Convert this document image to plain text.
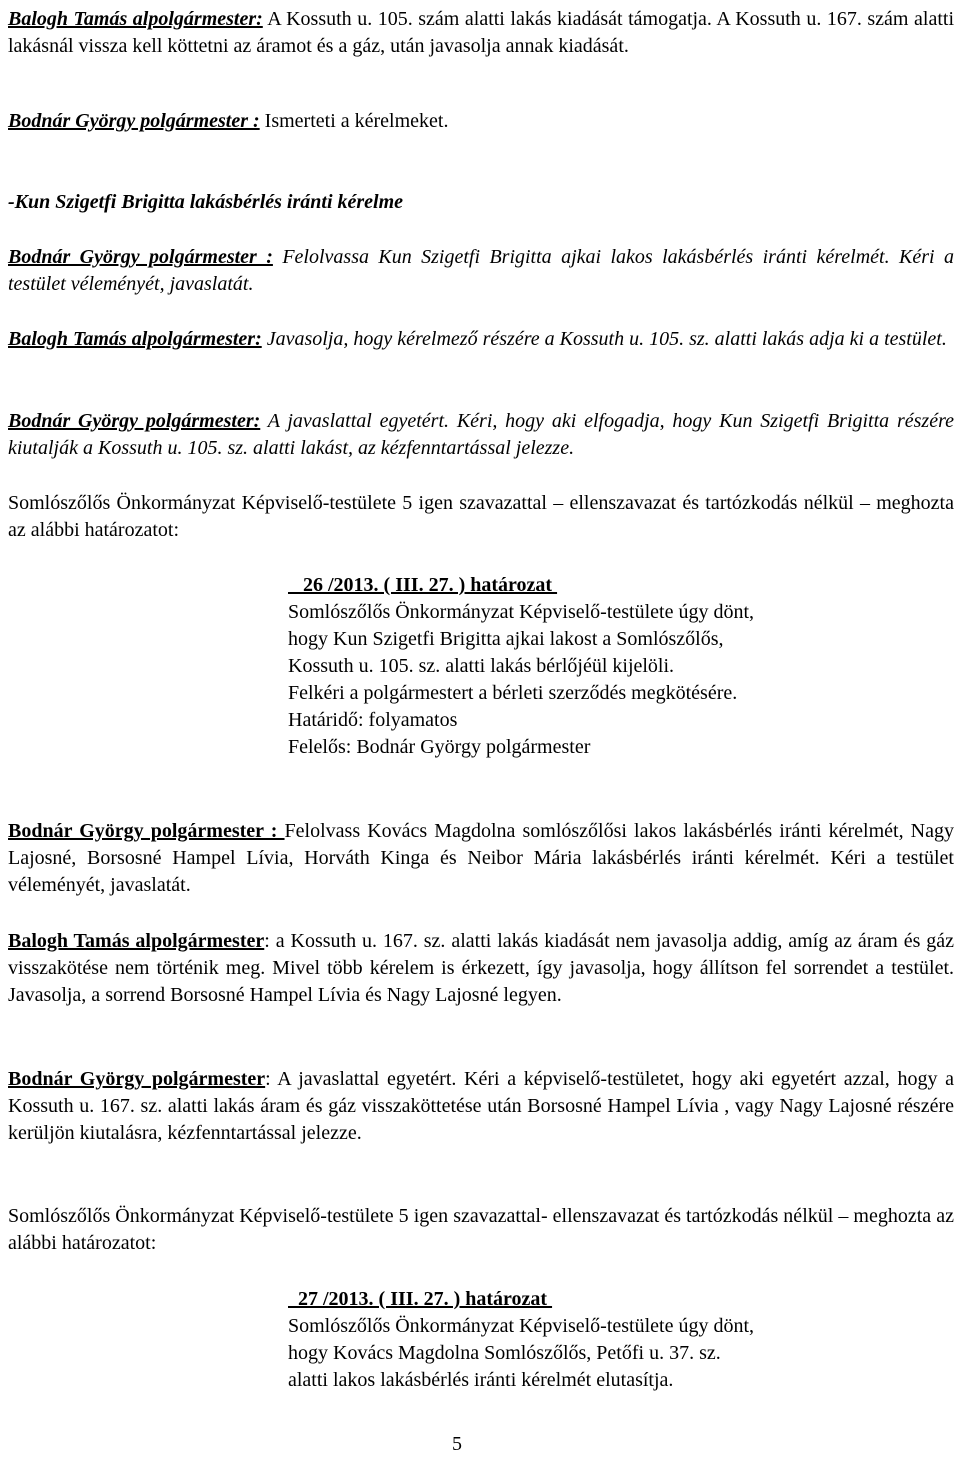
Balogh Tamás alpolgármester: A Kossuth u. 105. szám alatti lakás kiadását támogatja. A Kossuth u. 167. szám alatti lakásnál vissza kell köttetni az áramot és a gáz, után javasolja annak kiadását.

Bodnár György polgármester : Ismerteti a kérelmeket.

-Kun Szigetfi Brigitta lakásbérlés iránti kérelme

Bodnár György polgármester : Felolvassa Kun Szigetfi Brigitta ajkai lakos lakásbérlés iránti kérelmét. Kéri a testület véleményét, javaslatát.

Balogh Tamás alpolgármester: Javasolja, hogy kérelmező részére a Kossuth u. 105. sz. alatti lakás adja ki a testület.

Bodnár György polgármester: A javaslattal egyetért. Kéri, hogy aki elfogadja, hogy Kun Szigetfi Brigitta részére kiutalják a Kossuth u. 105. sz. alatti lakást, az kézfenntartással jelezze.

Somlószőlős Önkormányzat Képviselő-testülete 5 igen szavazattal – ellenszavazat és tartózkodás nélkül – meghozta az alábbi határozatot:

26 /2013. ( III. 27. ) határozat
Somlószőlős Önkormányzat Képviselő-testülete úgy dönt,
hogy Kun Szigetfi Brigitta ajkai lakost a Somlószőlős,
Kossuth u. 105. sz. alatti lakás bérlőjéül kijelöli.
Felkéri a polgármestert a bérleti szerződés megkötésére.
Határidő: folyamatos
Felelős: Bodnár György polgármester

Bodnár György polgármester : Felolvass Kovács Magdolna somlószőlősi lakos lakásbérlés iránti kérelmét, Nagy Lajosné, Borsosné Hampel Lívia, Horváth Kinga és Neibor Mária lakásbérlés iránti kérelmét. Kéri a testület véleményét, javaslatát.

Balogh Tamás alpolgármester: a Kossuth u. 167. sz. alatti lakás kiadását nem javasolja addig, amíg az áram és gáz visszakötése nem történik meg. Mivel több kérelem is érkezett, így javasolja, hogy állítson fel sorrendet a testület. Javasolja, a sorrend Borsosné Hampel Lívia és Nagy Lajosné legyen.

Bodnár György polgármester: A javaslattal egyetért. Kéri a képviselő-testületet, hogy aki egyetért azzal, hogy a Kossuth u. 167. sz. alatti lakás áram és gáz visszaköttetése után Borsosné Hampel Lívia , vagy Nagy Lajosné részére kerüljön kiutalásra, kézfenntartással jelezze.

Somlószőlős Önkormányzat Képviselő-testülete 5 igen szavazattal- ellenszavazat és tartózkodás nélkül – meghozta az alábbi határozatot:

27 /2013. ( III. 27. ) határozat
Somlószőlős Önkormányzat Képviselő-testülete úgy dönt,
hogy Kovács Magdolna Somlószőlős, Petőfi u. 37. sz.
alatti lakos lakásbérlés iránti kérelmét elutasítja.
5
